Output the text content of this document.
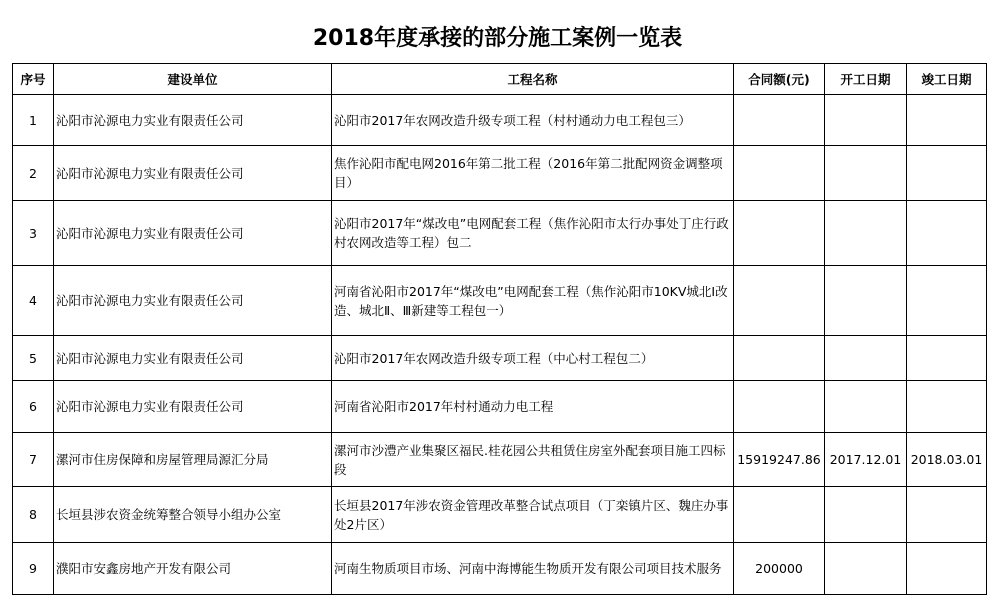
2018年度承接的部分施工案例一览表
序号	建设单位	工程名称	合同额(元)	开工日期	竣工日期
1	沁阳市沁源电力实业有限责任公司	沁阳市2017年农网改造升级专项工程（村村通动力电工程包三）			
2	沁阳市沁源电力实业有限责任公司	焦作沁阳市配电网2016年第二批工程（2016年第二批配网资金调整项目）			
3	沁阳市沁源电力实业有限责任公司	沁阳市2017年“煤改电”电网配套工程（焦作沁阳市太行办事处丁庄行政村农网改造等工程）包二			
4	沁阳市沁源电力实业有限责任公司	河南省沁阳市2017年“煤改电”电网配套工程（焦作沁阳市10KV城北Ⅰ改造、城北Ⅱ、Ⅲ新建等工程包一）			
5	沁阳市沁源电力实业有限责任公司	沁阳市2017年农网改造升级专项工程（中心村工程包二）			
6	沁阳市沁源电力实业有限责任公司	河南省沁阳市2017年村村通动力电工程			
7	漯河市住房保障和房屋管理局源汇分局	漯河市沙澧产业集聚区福民.桂花园公共租赁住房室外配套项目施工四标段	15919247.86	2017.12.01	2018.03.01
8	长垣县涉农资金统筹整合领导小组办公室	长垣县2017年涉农资金管理改革整合试点项目（丁栾镇片区、魏庄办事处2片区）			
9	濮阳市安鑫房地产开发有限公司	河南生物质项目市场、河南中海博能生物质开发有限公司项目技术服务	200000		
